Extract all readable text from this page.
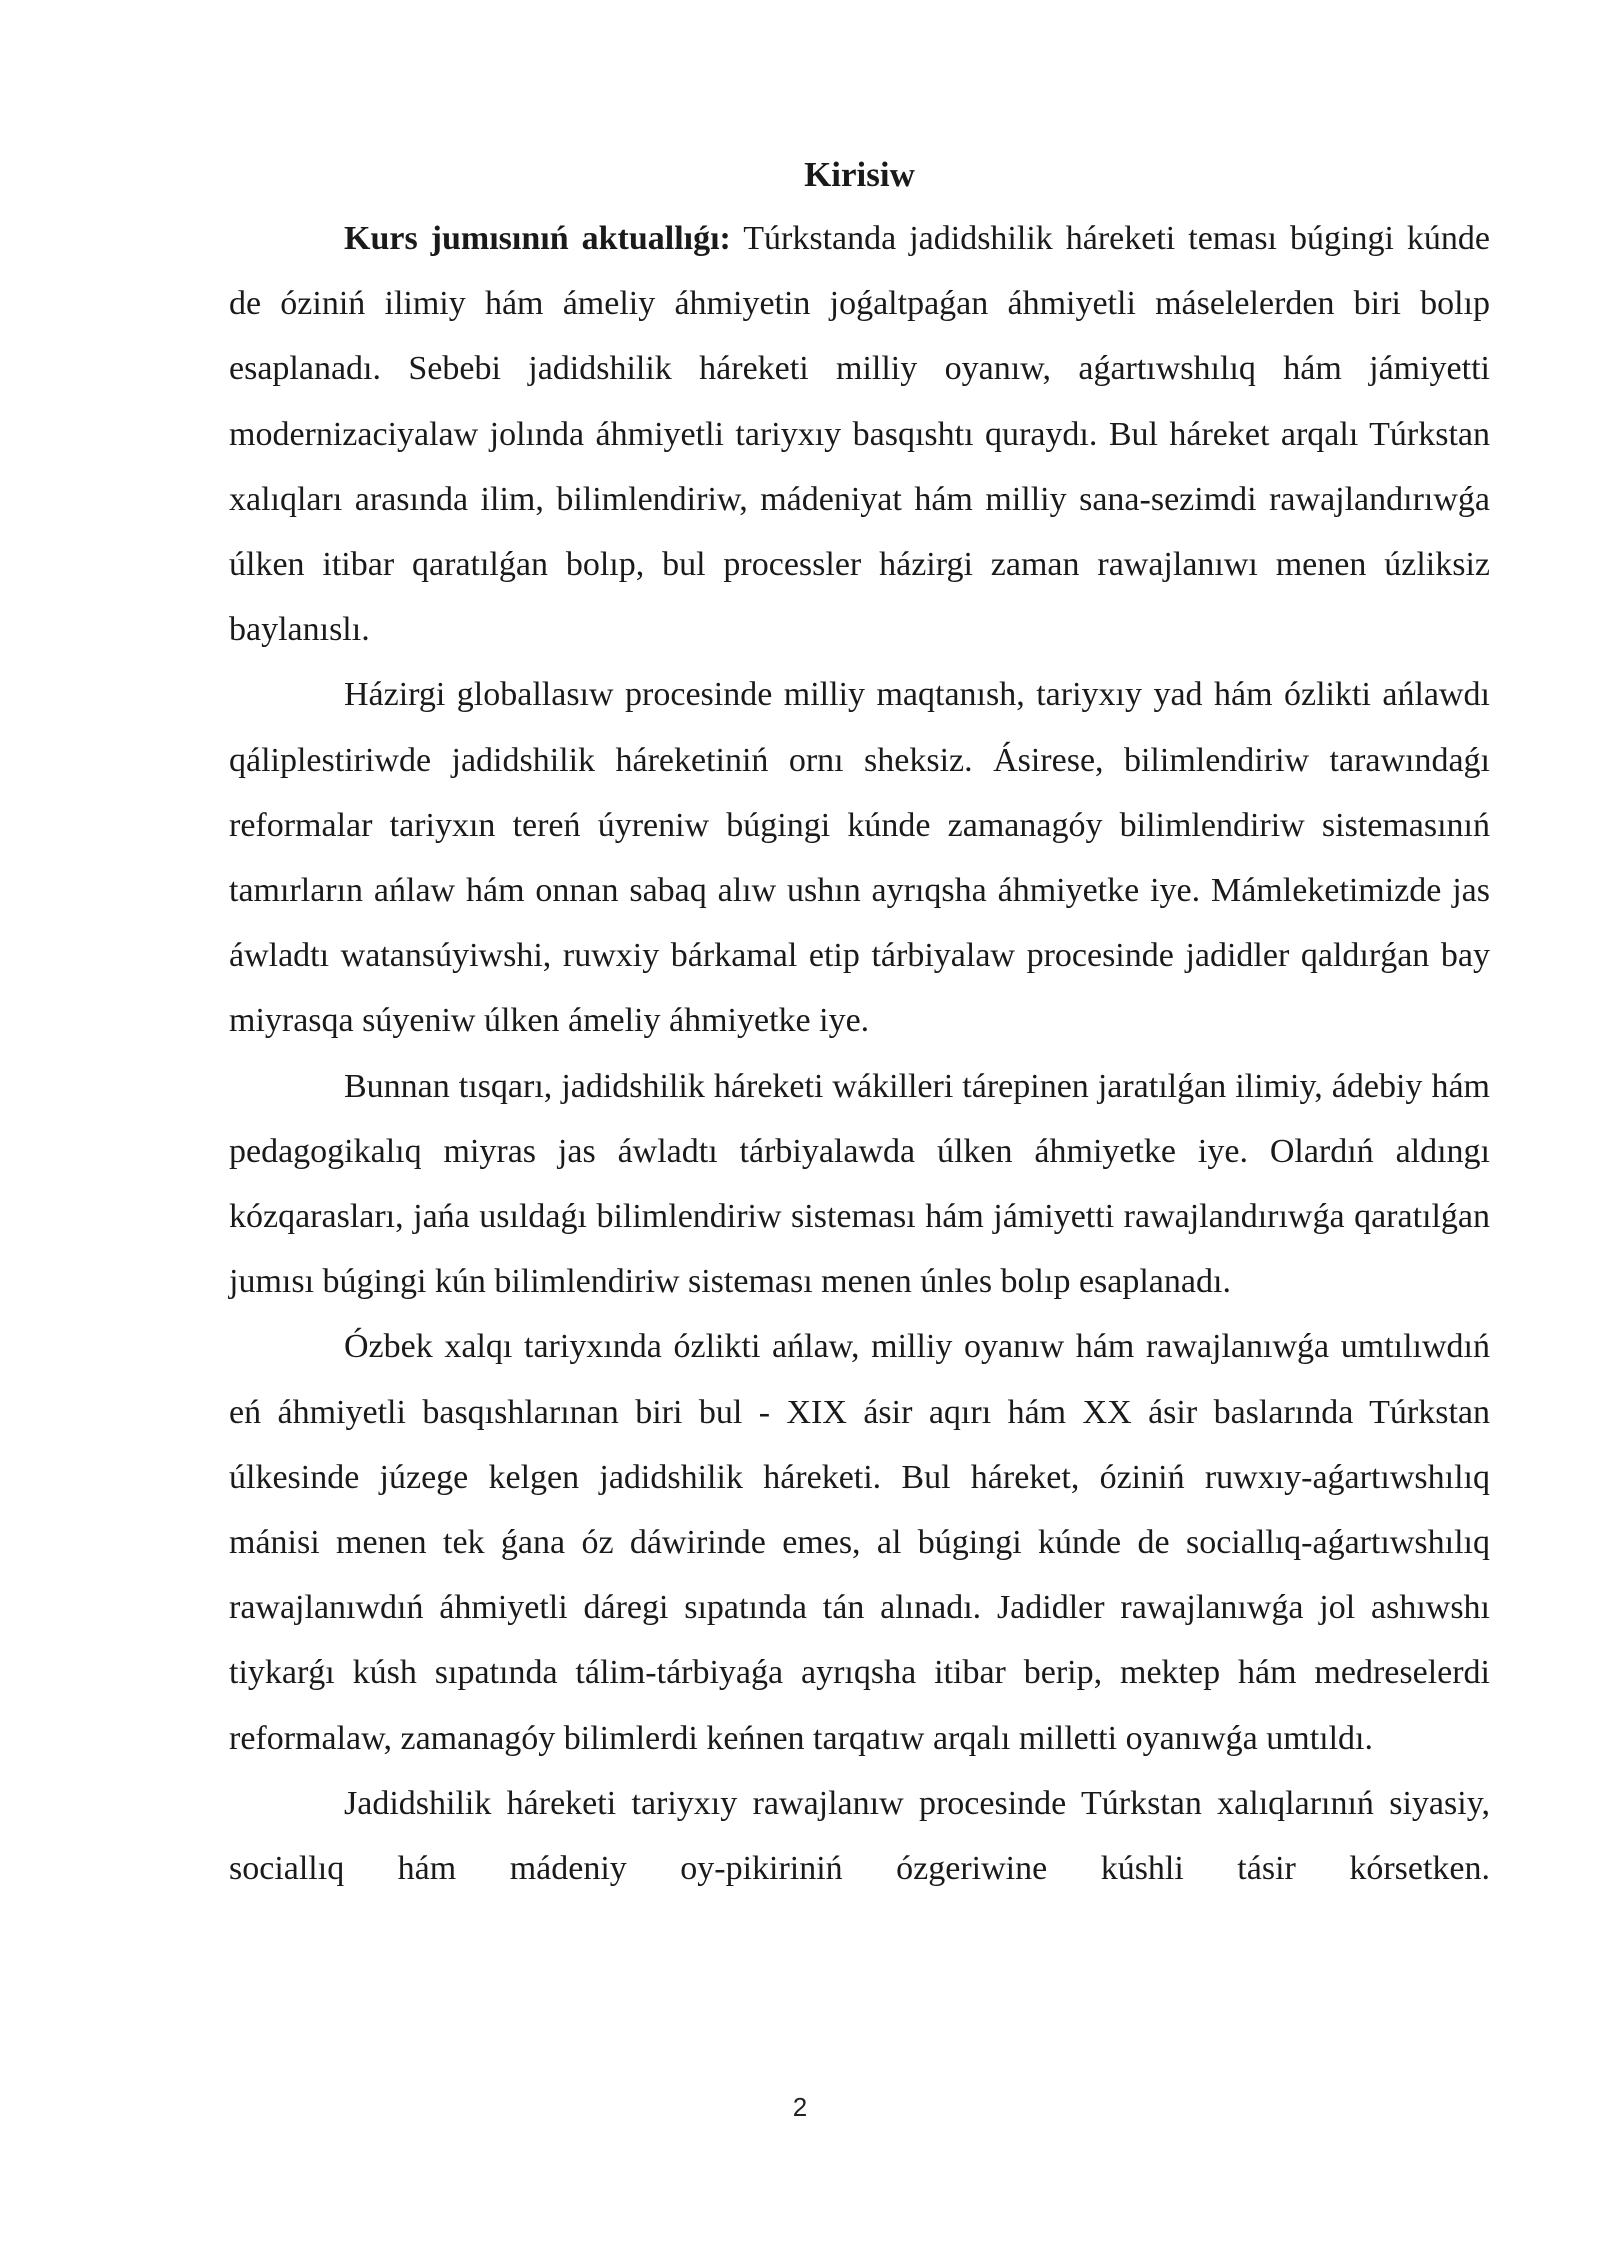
Kirisiw

Kurs jumısınıń aktuallıǵı: Túrkstanda jadidshilik háreketi teması búgingi kúnde de óziniń ilimiy hám ámeliy áhmiyetin joǵaltpaǵan áhmiyetli máselelerden biri bolıp esaplanadı. Sebebi jadidshilik háreketi milliy oyanıw, aǵartıwshılıq hám jámiyetti modernizaciyalaw jolında áhmiyetli tariyxıy basqıshtı quraydı. Bul háreket arqalı Túrkstan xalıqları arasında ilim, bilimlendiriw, mádeniyat hám milliy sana-sezimdi rawajlandırıwǵa úlken itibar qaratılǵan bolıp, bul processler házirgi zaman rawajlanıwı menen úzliksiz baylanıslı.

Házirgi globallasıw procesinde milliy maqtanısh, tariyxıy yad hám ózlikti ańlawdı qáliplestiriwde jadidshilik háreketiniń ornı sheksiz. Ásirese, bilimlendiriw tarawındaǵı reformalar tariyxın tereń úyreniw búgingi kúnde zamanagóy bilimlendiriw sistemasınıń tamırların ańlaw hám onnan sabaq alıw ushın ayrıqsha áhmiyetke iye. Mámleketimizde jas áwladtı watansúyiwshi, ruwxiy bárkamal etip tárbiyalaw procesinde jadidler qaldırǵan bay miyrasqa súyeniw úlken ámeliy áhmiyetke iye.

Bunnan tısqarı, jadidshilik háreketi wákilleri tárepinen jaratılǵan ilimiy, ádebiy hám pedagogikalıq miyras jas áwladtı tárbiyalawda úlken áhmiyetke iye. Olardıń aldıngı kózqarasları, jańa usıldaǵı bilimlendiriw sisteması hám jámiyetti rawajlandırıwǵa qaratılǵan jumısı búgingi kún bilimlendiriw sisteması menen únles bolıp esaplanadı.

Ózbek xalqı tariyxında ózlikti ańlaw, milliy oyanıw hám rawajlanıwǵa umtılıwdıń eń áhmiyetli basqıshlarınan biri bul - XIX ásir aqırı hám XX ásir baslarında Túrkstan úlkesinde júzege kelgen jadidshilik háreketi. Bul háreket, óziniń ruwxıy-aǵartıwshılıq mánisi menen tek ǵana óz dáwirinde emes, al búgingi kúnde de sociallıq-aǵartıwshılıq rawajlanıwdıń áhmiyetli dáregi sıpatında tán alınadı. Jadidler rawajlanıwǵa jol ashıwshı tiykarǵı kúsh sıpatında tálim-tárbiyaǵa ayrıqsha itibar berip, mektep hám medreselerdi reformalaw, zamanagóy bilimlerdi keńnen tarqatıw arqalı milletti oyanıwǵa umtıldı.

Jadidshilik háreketi tariyxıy rawajlanıw procesinde Túrkstan xalıqlarınıń siyasiy, sociallıq hám mádeniy oy-pikiriniń ózgeriwine kúshli tásir kórsetken.

2
